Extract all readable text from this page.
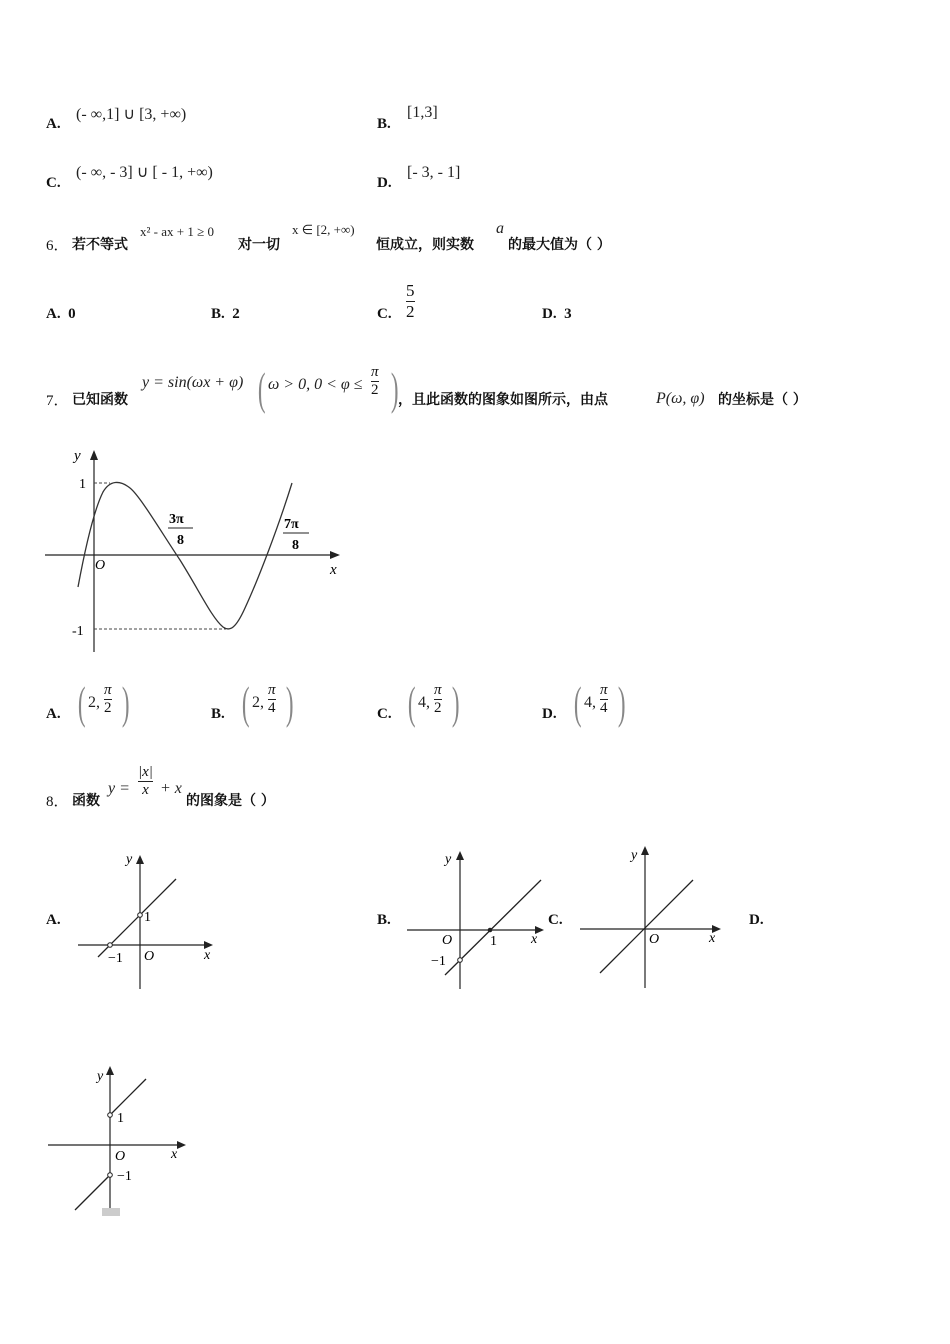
A.
(- ∞,1] ∪ [3, +∞)
B.
[1,3]
C.
(- ∞, - 3] ∪ [ - 1, +∞)
D.
[- 3, - 1]
6． 若不等式
x² - ax + 1 ≥ 0
对一切
x ∈ [2, +∞)
恒成立，则实数
a
的最大值为（ ）
A. 0	B. 2	C.
5
2	D. 3
7． 已知函数
y = sin(ωx + φ) ( ω > 0, 0 < φ ≤
π
2 ) ，且此函数的图象如图所示，由点	P(ω, φ) 的坐标是（ ）
y
x
O
1
-1
3π
8
7π
8
A. ( 2,
π
2 )	B. ( 2,
π
4 )	C. ( 4,
π
2 )	D. ( 4,
π
4 )
8． 函数
y =
|x|
x + x
的图象是（ ）
A.	B.	C.	D.
y
x
O
1
−1
y
x
O	1
−1
y
x
O
y
x
O
1
−1
